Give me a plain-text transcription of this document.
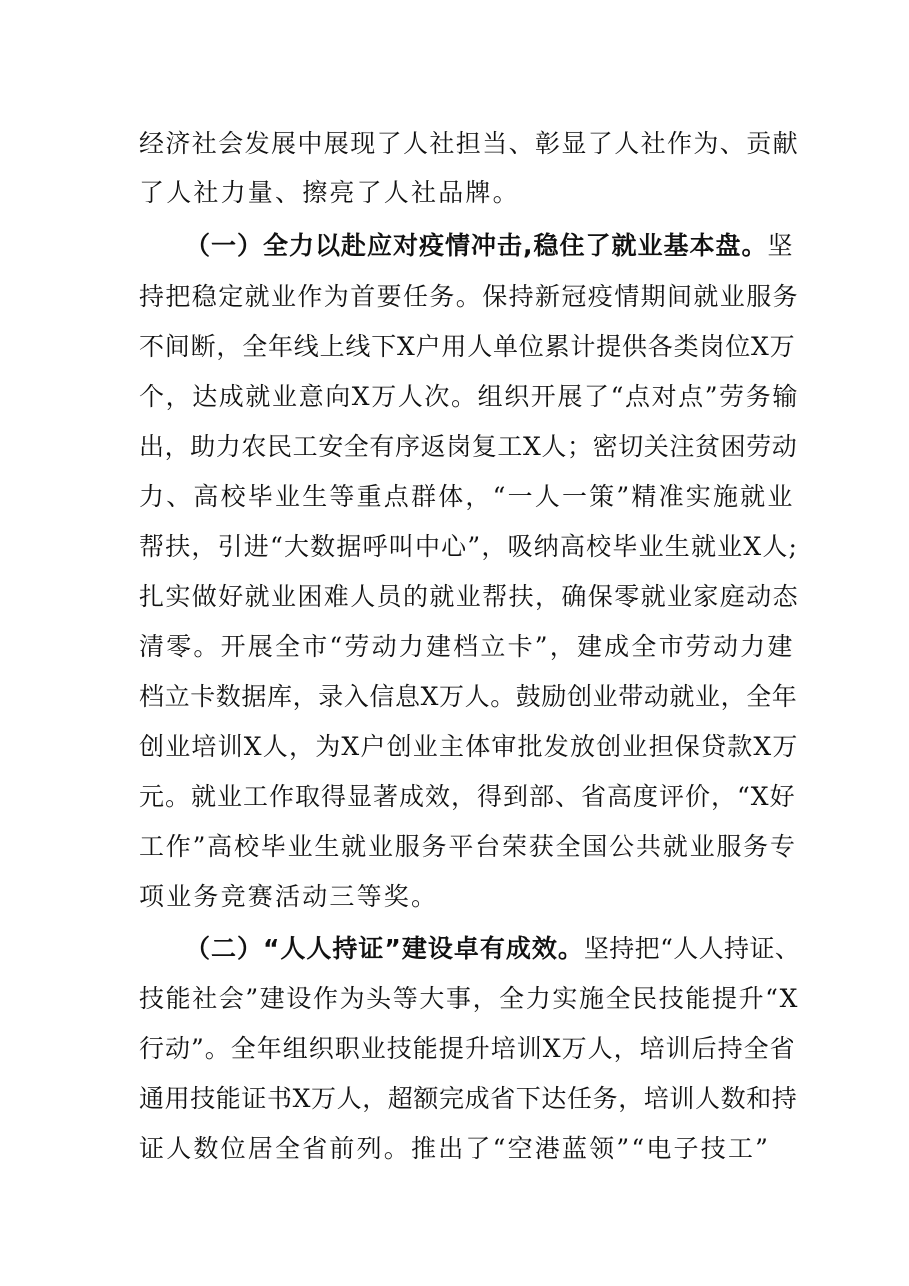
经济社会发展中展现了人社担当、彰显了人社作为、贡献
了人社力量、擦亮了人社品牌。
（一）全力以赴应对疫情冲击,稳住了就业基本盘。坚
持把稳定就业作为首要任务。保持新冠疫情期间就业服务
不间断，全年线上线下X户用人单位累计提供各类岗位X万
个，达成就业意向X万人次。组织开展了“点对点”劳务输
出，助力农民工安全有序返岗复工X人；密切关注贫困劳动
力、高校毕业生等重点群体，“一人一策”精准实施就业
帮扶，引进“大数据呼叫中心”，吸纳高校毕业生就业X人;
扎实做好就业困难人员的就业帮扶，确保零就业家庭动态
清零。开展全市“劳动力建档立卡”，建成全市劳动力建
档立卡数据库，录入信息X万人。鼓励创业带动就业，全年
创业培训X人，为X户创业主体审批发放创业担保贷款X万
元。就业工作取得显著成效，得到部、省高度评价，“X好
工作”高校毕业生就业服务平台荣获全国公共就业服务专
项业务竞赛活动三等奖。
（二）“人人持证”建设卓有成效。坚持把“人人持证、
技能社会”建设作为头等大事，全力实施全民技能提升“X
行动”。全年组织职业技能提升培训X万人，培训后持全省
通用技能证书X万人，超额完成省下达任务，培训人数和持
证人数位居全省前列。推出了“空港蓝领”“电子技工”
